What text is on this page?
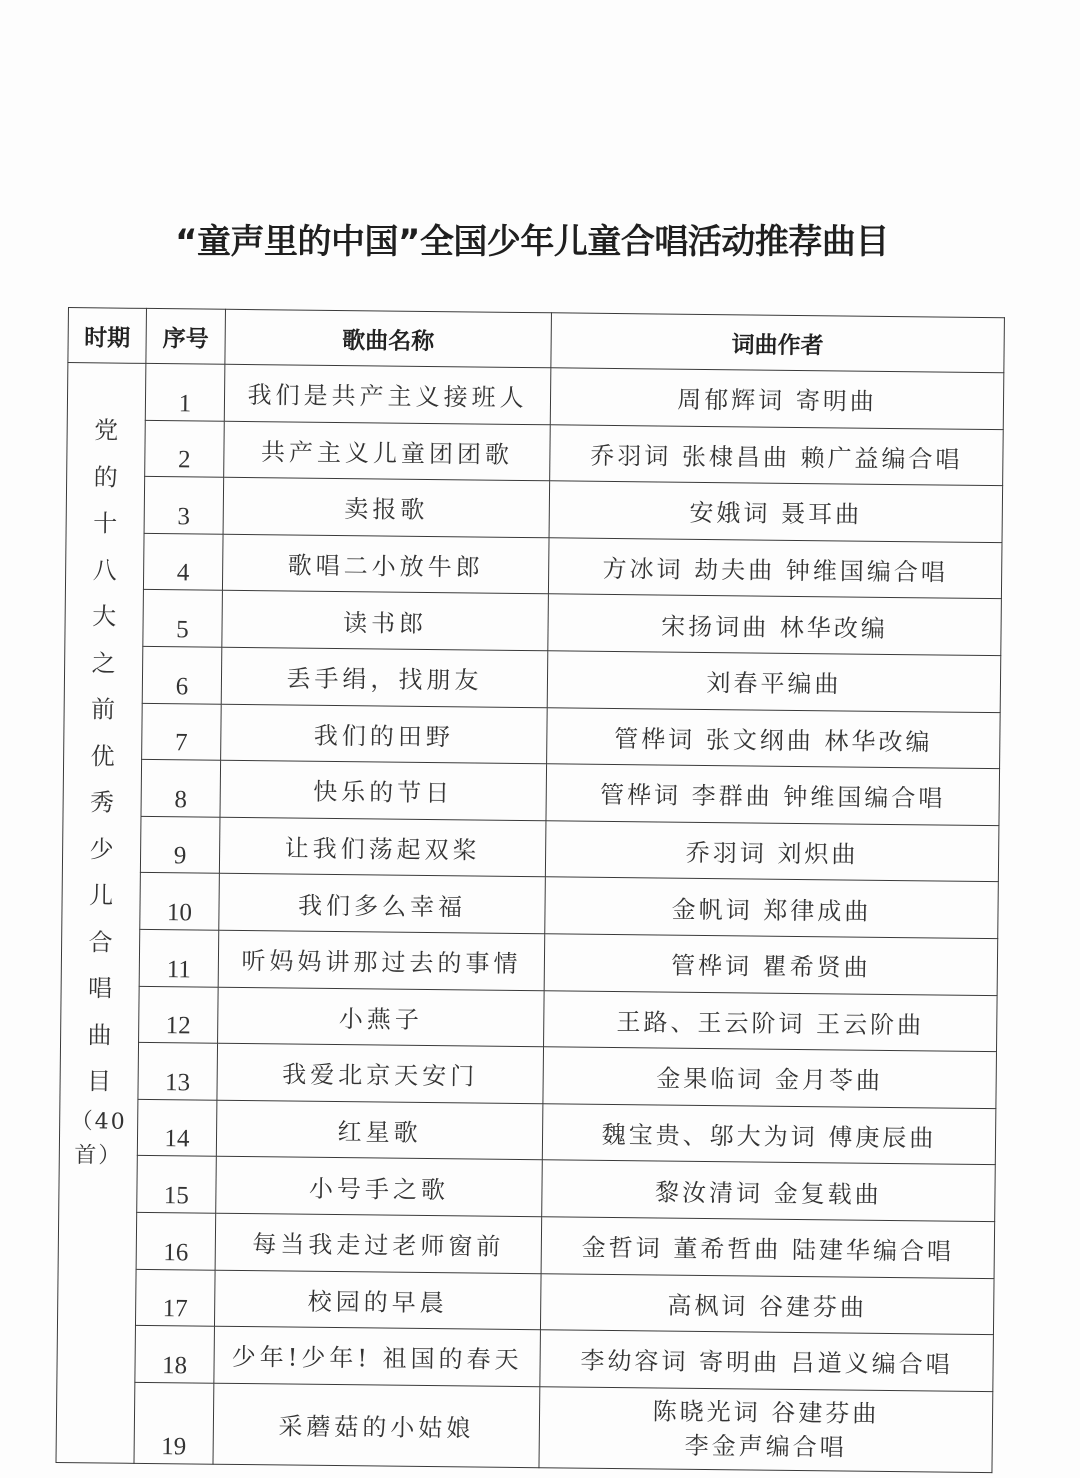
“童声里的中国”全国少年儿童合唱活动推荐曲目
时期	序号	歌曲名称	词曲作者

党
的
十
八
大
之
前
优
秀
少
儿
合
唱
曲
目
（40
首）
	1	我们是共产主义接班人	周郁辉词 寄明曲
	2	共产主义儿童团团歌	乔羽词 张棣昌曲 赖广益编合唱
	3	卖报歌	安娥词 聂耳曲
	4	歌唱二小放牛郎	方冰词 劫夫曲 钟维国编合唱
	5	读书郎	宋扬词曲 林华改编
	6	丢手绢，找朋友	刘春平编曲
	7	我们的田野	管桦词 张文纲曲 林华改编
	8	快乐的节日	管桦词 李群曲 钟维国编合唱
	9	让我们荡起双桨	乔羽词 刘炽曲
	10	我们多么幸福	金帆词 郑律成曲
	11	听妈妈讲那过去的事情	管桦词 瞿希贤曲
	12	小燕子	王路、王云阶词 王云阶曲
	13	我爱北京天安门	金果临词 金月苓曲
	14	红星歌	魏宝贵、邬大为词 傅庚辰曲
	15	小号手之歌	黎汝清词 金复载曲
	16	每当我走过老师窗前	金哲词 董希哲曲 陆建华编合唱
	17	校园的早晨	高枫词 谷建芬曲
	18	少年!少年! 祖国的春天	李幼容词 寄明曲 吕道义编合唱
	19	采蘑菇的小姑娘	陈晓光词 谷建芬曲
李金声编合唱
